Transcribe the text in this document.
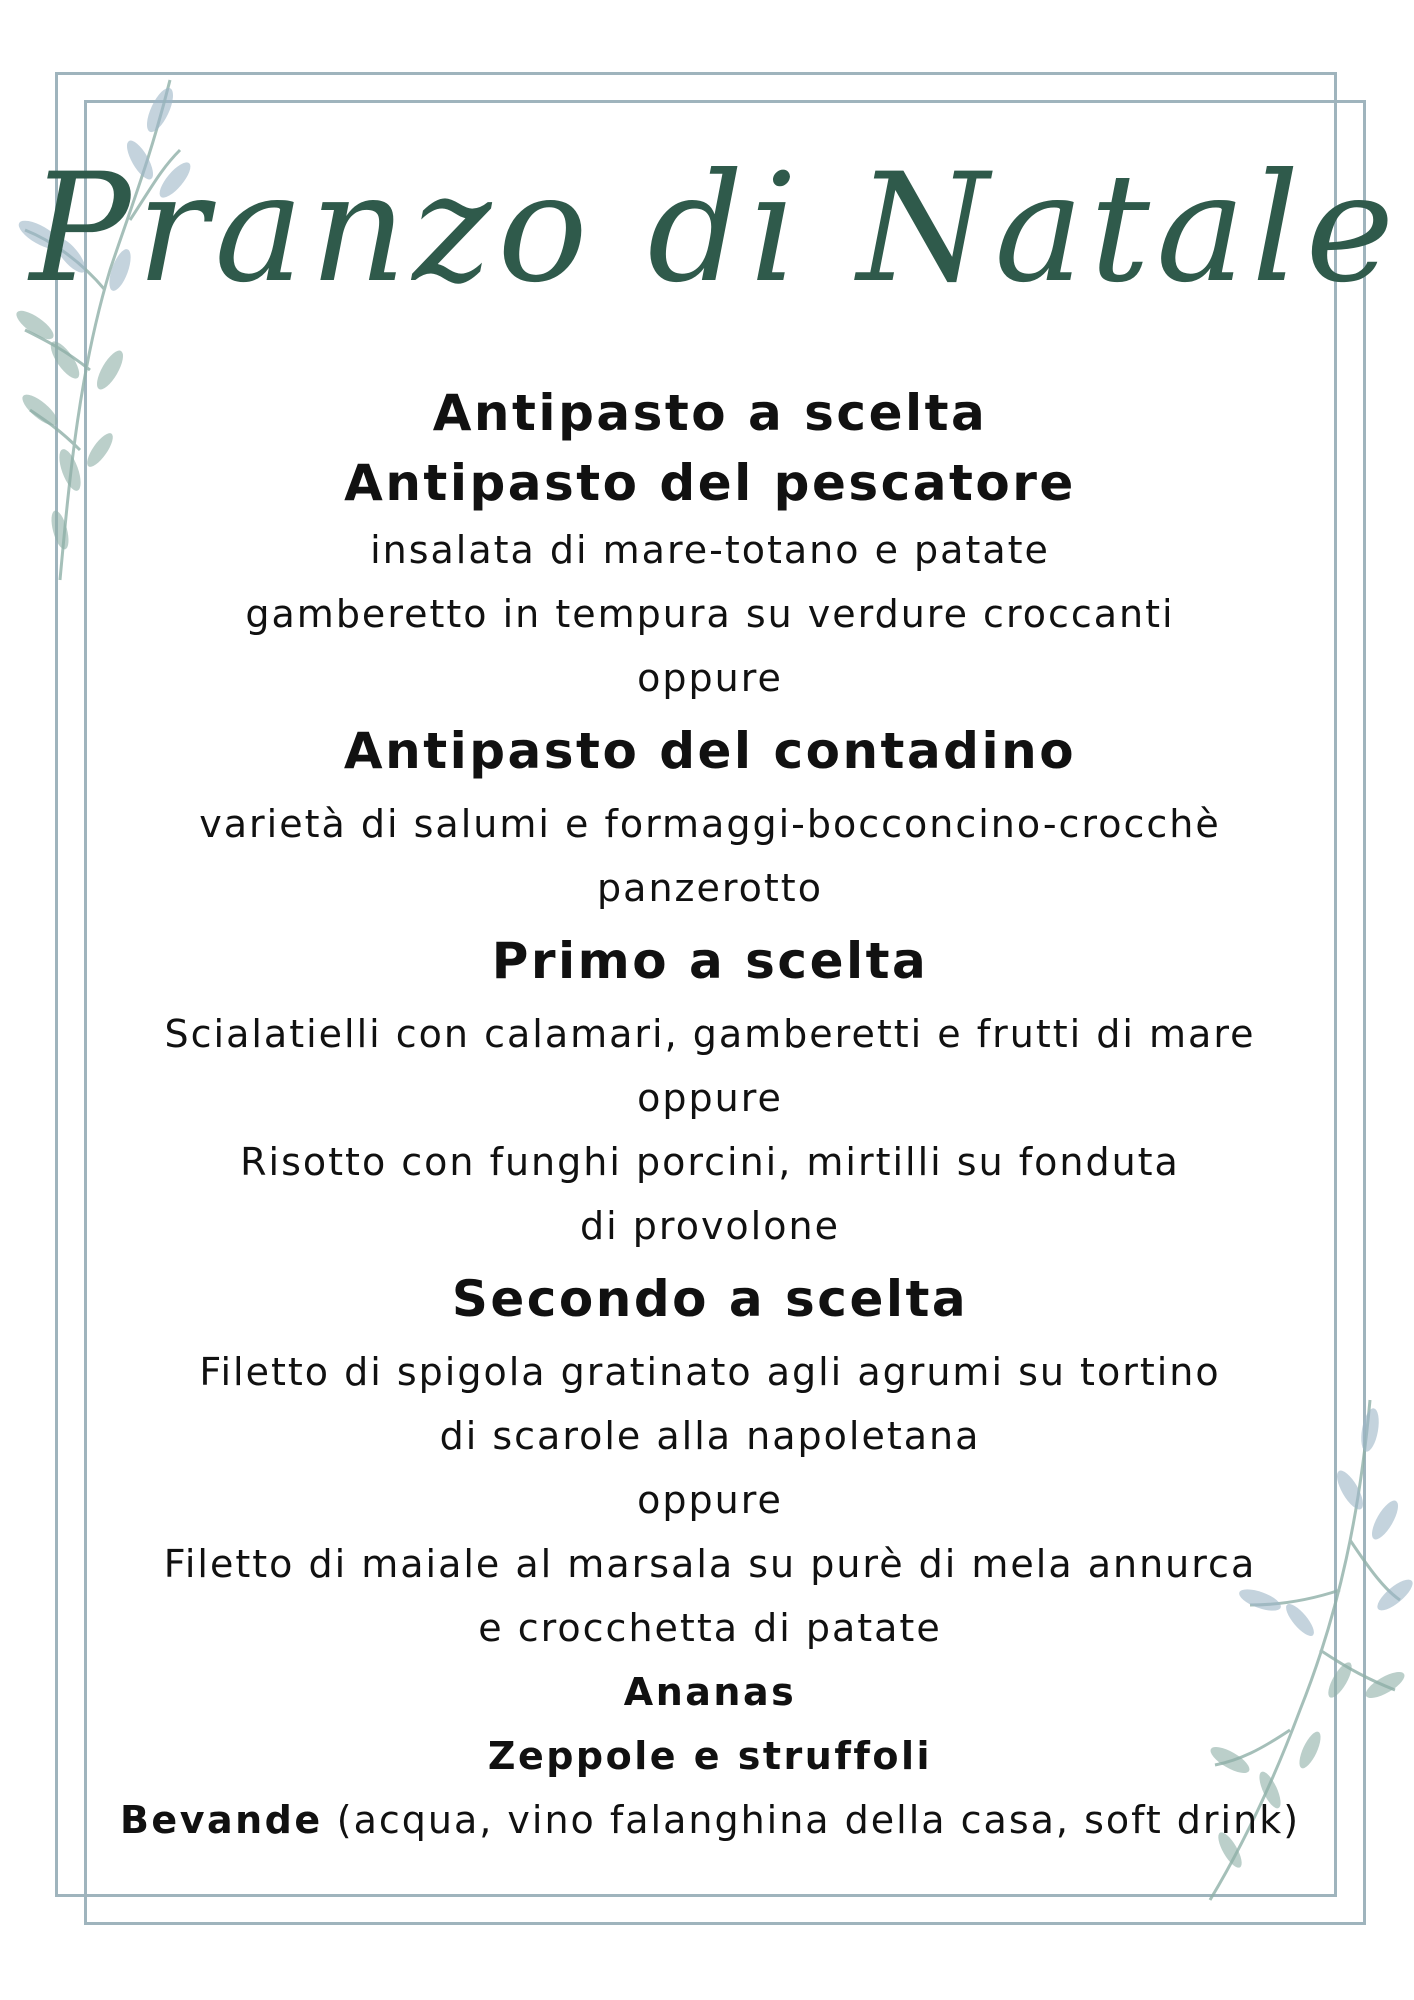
Pranzo di Natale

Antipasto a scelta

Antipasto del pescatore

insalata di mare-totano e patate

gamberetto in tempura su verdure croccanti

oppure

Antipasto del contadino

varietà di salumi e formaggi-bocconcino-crocchè

panzerotto

Primo a scelta

Scialatielli con calamari, gamberetti e frutti di mare

oppure

Risotto con funghi porcini, mirtilli su fonduta

di provolone

Secondo a scelta

Filetto di spigola gratinato agli agrumi su tortino

di scarole alla napoletana

oppure

Filetto di maiale al marsala su purè di mela annurca

e crocchetta di patate

Ananas

Zeppole e struffoli

Bevande (acqua, vino falanghina della casa, soft drink)
